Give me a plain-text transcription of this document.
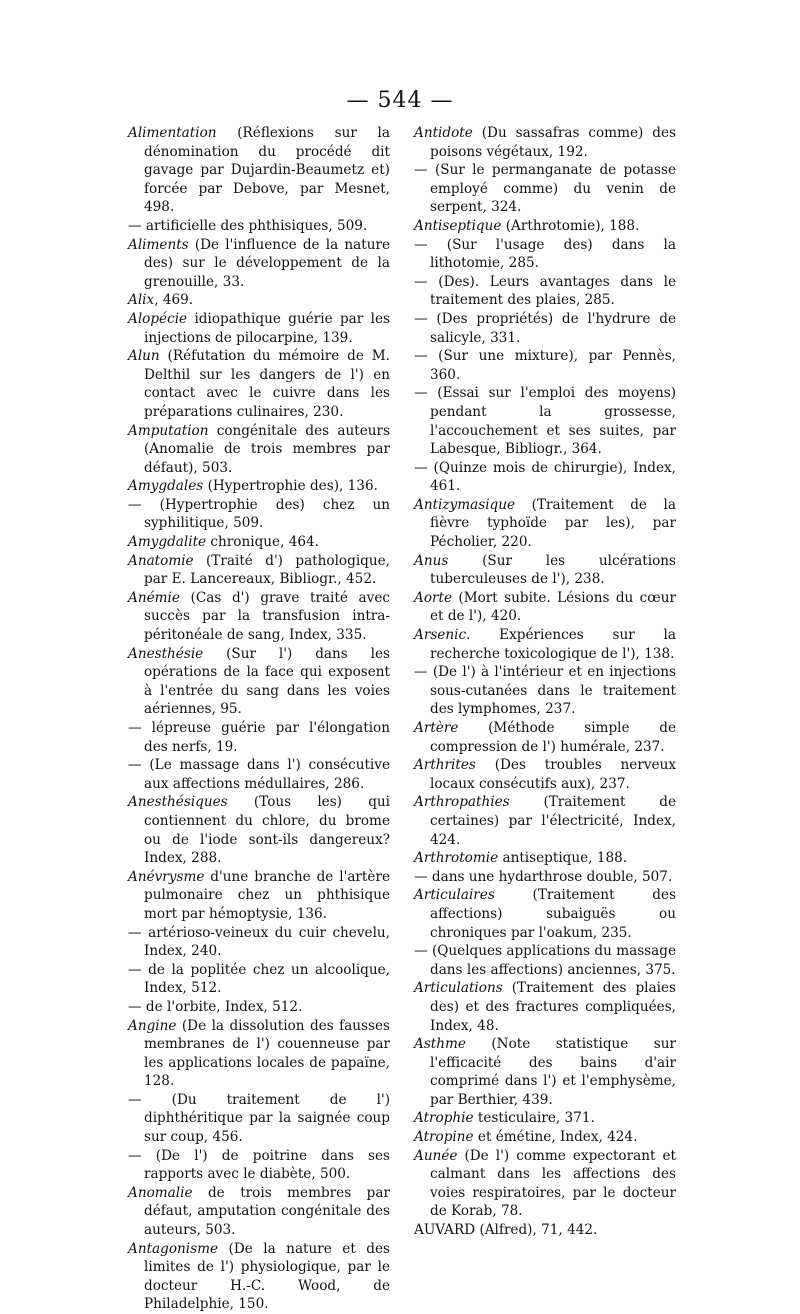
— 544 —

Alimentation (Réflexions sur la dénomination du procédé dit gavage par Dujardin-Beaumetz et) forcée par Debove, par Mesnet, 498.

— artificielle des phthisiques, 509.

Aliments (De l'influence de la nature des) sur le développement de la grenouille, 33.

Alix, 469.

Alopécie idiopathique guérie par les injections de pilocarpine, 139.

Alun (Réfutation du mémoire de M. Delthil sur les dangers de l') en contact avec le cuivre dans les préparations culinaires, 230.

Amputation congénitale des auteurs (Anomalie de trois membres par défaut), 503.

Amygdales (Hypertrophie des), 136.

— (Hypertrophie des) chez un syphilitique, 509.

Amygdalite chronique, 464.

Anatomie (Traité d') pathologique, par E. Lancereaux, Bibliogr., 452.

Anémie (Cas d') grave traité avec succès par la transfusion intra-péritonéale de sang, Index, 335.

Anesthésie (Sur l') dans les opérations de la face qui exposent à l'entrée du sang dans les voies aériennes, 95.

— lépreuse guérie par l'élongation des nerfs, 19.

— (Le massage dans l') consécutive aux affections médullaires, 286.

Anesthésiques (Tous les) qui contiennent du chlore, du brome ou de l'iode sont-ils dangereux? Index, 288.

Anévrysme d'une branche de l'artère pulmonaire chez un phthisique mort par hémoptysie, 136.

— artérioso-veineux du cuir chevelu, Index, 240.

— de la poplitée chez un alcoolique, Index, 512.

— de l'orbite, Index, 512.

Angine (De la dissolution des fausses membranes de l') couenneuse par les applications locales de papaïne, 128.

— (Du traitement de l') diphthéritique par la saignée coup sur coup, 456.

— (De l') de poitrine dans ses rapports avec le diabète, 500.

Anomalie de trois membres par défaut, amputation congénitale des auteurs, 503.

Antagonisme (De la nature et des limites de l') physiologique, par le docteur H.-C. Wood, de Philadelphie, 150.

Antidote (Du sassafras comme) des poisons végétaux, 192.

— (Sur le permanganate de potasse employé comme) du venin de serpent, 324.

Antiseptique (Arthrotomie), 188.

— (Sur l'usage des) dans la lithotomie, 285.

— (Des). Leurs avantages dans le traitement des plaies, 285.

— (Des propriétés) de l'hydrure de salicyle, 331.

— (Sur une mixture), par Pennès, 360.

— (Essai sur l'emploi des moyens) pendant la grossesse, l'accouchement et ses suites, par Labesque, Bibliogr., 364.

— (Quinze mois de chirurgie), Index, 461.

Antizymasique (Traitement de la fièvre typhoïde par les), par Pécholier, 220.

Anus (Sur les ulcérations tuberculeuses de l'), 238.

Aorte (Mort subite. Lésions du cœur et de l'), 420.

Arsenic. Expériences sur la recherche toxicologique de l'), 138.

— (De l') à l'intérieur et en injections sous-cutanées dans le traitement des lymphomes, 237.

Artère (Méthode simple de compression de l') humérale, 237.

Arthrites (Des troubles nerveux locaux consécutifs aux), 237.

Arthropathies (Traitement de certaines) par l'électricité, Index, 424.

Arthrotomie antiseptique, 188.

— dans une hydarthrose double, 507.

Articulaires (Traitement des affections) subaiguës ou chroniques par l'oakum, 235.

— (Quelques applications du massage dans les affections) anciennes, 375.

Articulations (Traitement des plaies des) et des fractures compliquées, Index, 48.

Asthme (Note statistique sur l'efficacité des bains d'air comprimé dans l') et l'emphysème, par Berthier, 439.

Atrophie testiculaire, 371.

Atropine et émétine, Index, 424.

Aunée (De l') comme expectorant et calmant dans les affections des voies respiratoires, par le docteur de Korab, 78.

AUVARD (Alfred), 71, 442.
